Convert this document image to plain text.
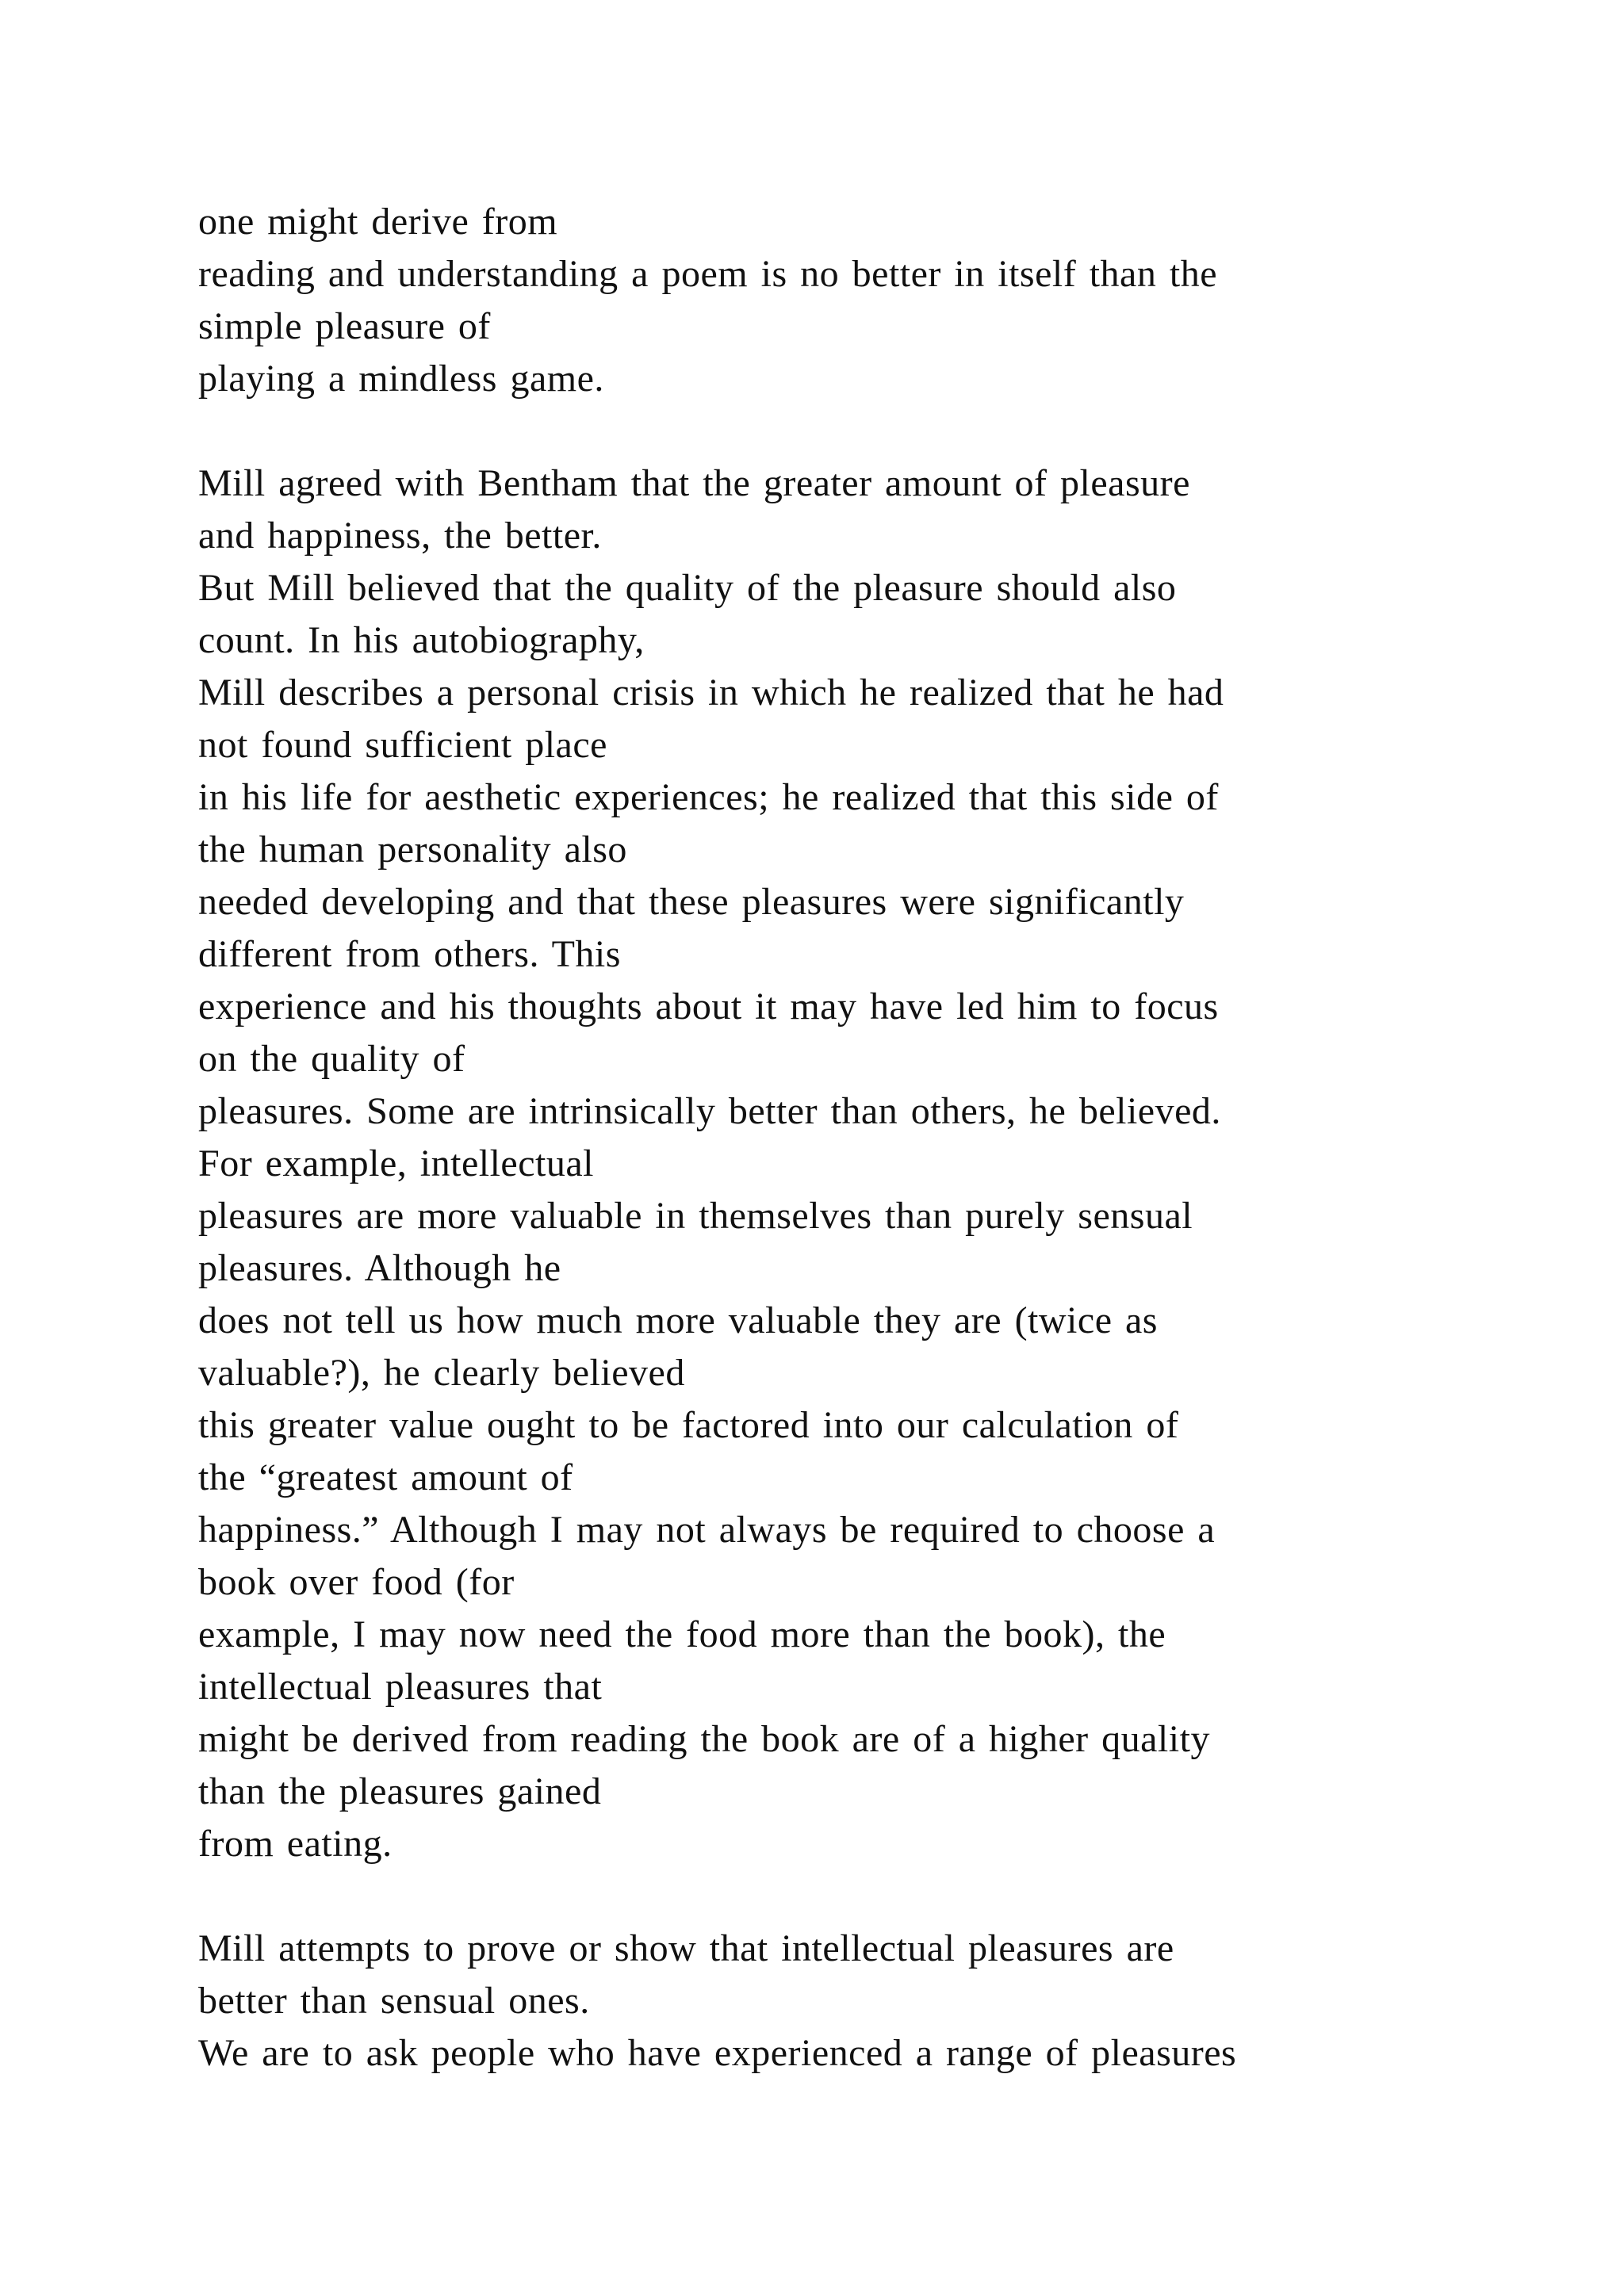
one might derive from
reading and understanding a poem is no better in itself than the
simple pleasure of
playing a mindless game.
Mill agreed with Bentham that the greater amount of pleasure
and happiness, the better.
But Mill believed that the quality of the pleasure should also
count. In his autobiography,
Mill describes a personal crisis in which he realized that he had
not found sufficient place
in his life for aesthetic experiences; he realized that this side of
the human personality also
needed developing and that these pleasures were significantly
different from others. This
experience and his thoughts about it may have led him to focus
on the quality of
pleasures. Some are intrinsically better than others, he believed.
For example, intellectual
pleasures are more valuable in themselves than purely sensual
pleasures. Although he
does not tell us how much more valuable they are (twice as
valuable?), he clearly believed
this greater value ought to be factored into our calculation of
the “greatest amount of
happiness.” Although I may not always be required to choose a
book over food (for
example, I may now need the food more than the book), the
intellectual pleasures that
might be derived from reading the book are of a higher quality
than the pleasures gained
from eating.
Mill attempts to prove or show that intellectual pleasures are
better than sensual ones.
We are to ask people who have experienced a range of pleasures
